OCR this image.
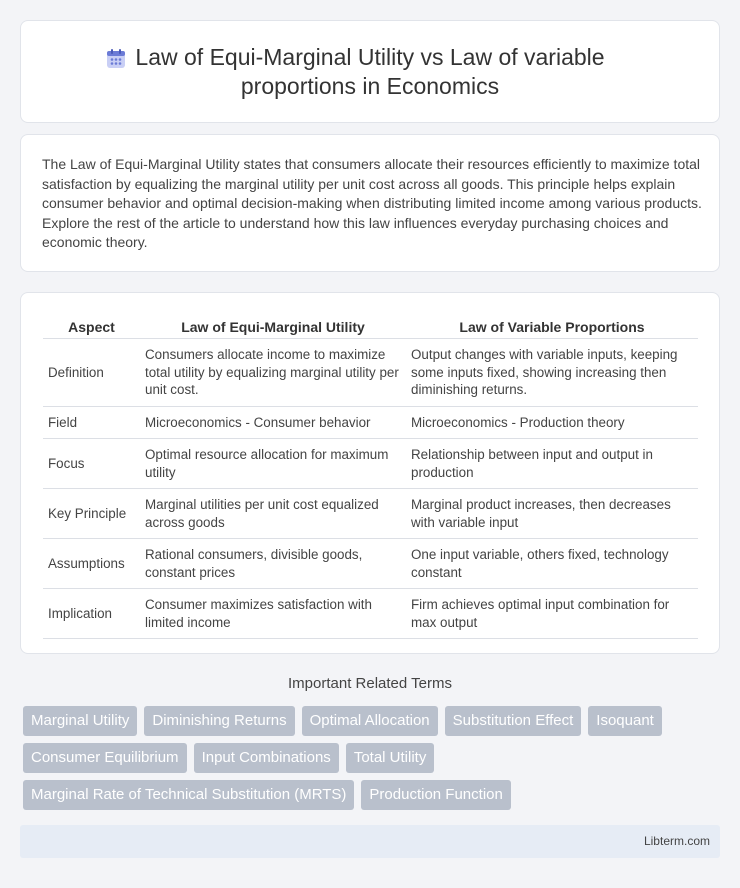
Law of Equi-Marginal Utility vs Law of variable proportions in Economics

The Law of Equi-Marginal Utility states that consumers allocate their resources efficiently to maximize total satisfaction by equalizing the marginal utility per unit cost across all goods. This principle helps explain consumer behavior and optimal decision-making when distributing limited income among various products. Explore the rest of the article to understand how this law influences everyday purchasing choices and economic theory.

Aspect	Law of Equi-Marginal Utility	Law of Variable Proportions
Definition	Consumers allocate income to maximize total utility by equalizing marginal utility per unit cost.	Output changes with variable inputs, keeping some inputs fixed, showing increasing then diminishing returns.
Field	Microeconomics - Consumer behavior	Microeconomics - Production theory
Focus	Optimal resource allocation for maximum utility	Relationship between input and output in production
Key Principle	Marginal utilities per unit cost equalized across goods	Marginal product increases, then decreases with variable input
Assumptions	Rational consumers, divisible goods, constant prices	One input variable, others fixed, technology constant
Implication	Consumer maximizes satisfaction with limited income	Firm achieves optimal input combination for max output
Important Related Terms
Marginal Utility	Diminishing Returns	Optimal Allocation	Substitution Effect	Isoquant
Consumer Equilibrium	Input Combinations	Total Utility
Marginal Rate of Technical Substitution (MRTS)	Production Function
Libterm.com
